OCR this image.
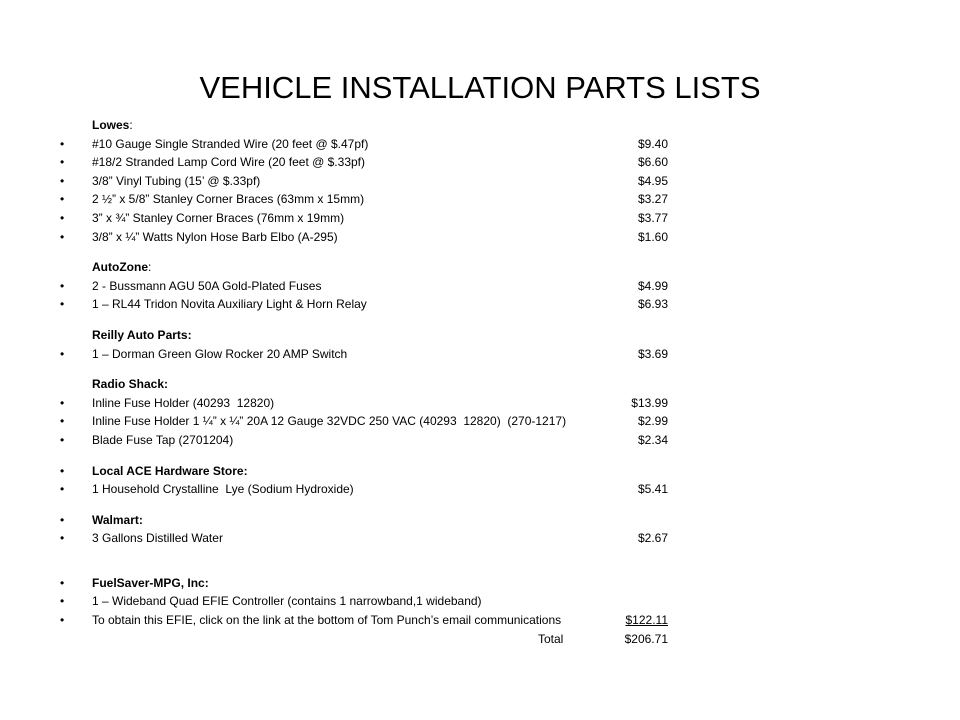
VEHICLE INSTALLATION PARTS LISTS
Lowes:
• #10 Gauge Single Stranded Wire (20 feet @ $.47pf)	$9.40
• #18/2 Stranded Lamp Cord Wire (20 feet @ $.33pf)	$6.60
• 3/8” Vinyl Tubing (15’ @ $.33pf)	$4.95
• 2 ½” x 5/8” Stanley Corner Braces (63mm x 15mm)	$3.27
• 3” x ¾” Stanley Corner Braces (76mm x 19mm)	$3.77
• 3/8” x ¼” Watts Nylon Hose Barb Elbo (A-295)	$1.60
AutoZone:
• 2 - Bussmann AGU 50A Gold-Plated Fuses	$4.99
• 1 – RL44 Tridon Novita Auxiliary Light & Horn Relay	$6.93
Reilly Auto Parts:
• 1 – Dorman Green Glow Rocker 20 AMP Switch	$3.69
Radio Shack:
• Inline Fuse Holder (40293  12820)	$13.99
• Inline Fuse Holder 1 ¼” x ¼” 20A 12 Gauge 32VDC 250 VAC (40293  12820)  (270-1217)	$2.99
• Blade Fuse Tap (2701204)	$2.34
• Local ACE Hardware Store:
• 1 Household Crystalline  Lye (Sodium Hydroxide)	$5.41
• Walmart:
• 3 Gallons Distilled Water	$2.67
• FuelSaver-MPG, Inc:
• 1 – Wideband Quad EFIE Controller (contains 1 narrowband,1 wideband)
• To obtain this EFIE, click on the link at the bottom of Tom Punch’s email communications	$122.11
Total	$206.71
